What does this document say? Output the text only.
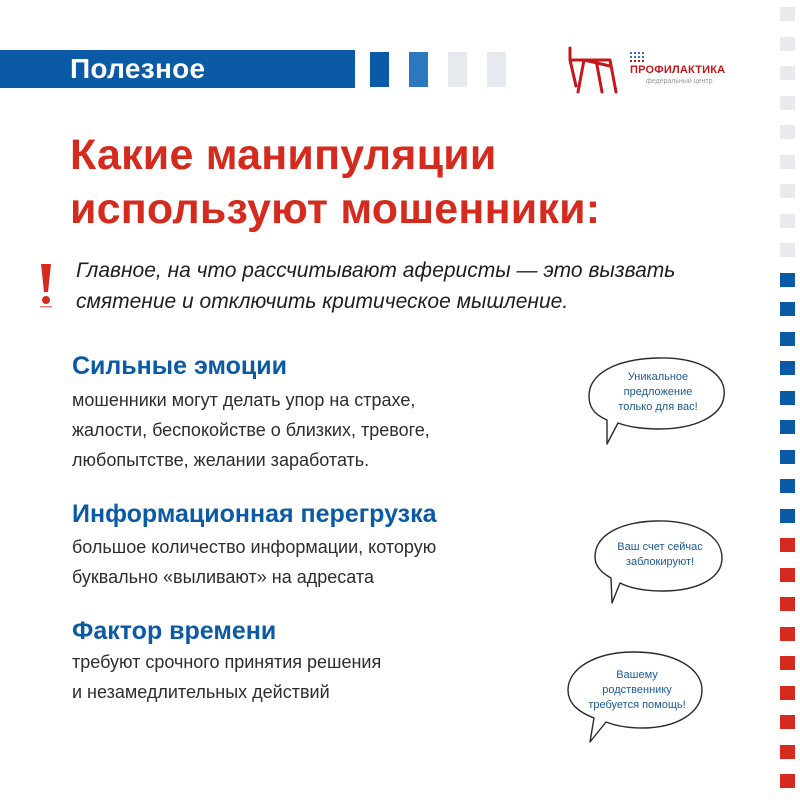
Полезное	ПРОФИЛАКТИКА
федеральный центр
Какие манипуляции
используют мошенники:
Главное, на что рассчитывают аферисты — это вызвать
смятение и отключить критическое мышление.
Сильные эмоции
мошенники могут делать упор на страхе,
жалости, беспокойстве о близких, тревоге,
любопытстве, желании заработать.
Информационная перегрузка
большое количество информации, которую
буквально «выливают» на адресата
Фактор времени
требуют срочного принятия решения
и незамедлительных действий
Уникальное
предложение
только для вас!
Ваш счет сейчас
заблокируют!
Вашему
родственнику
требуется помощь!
